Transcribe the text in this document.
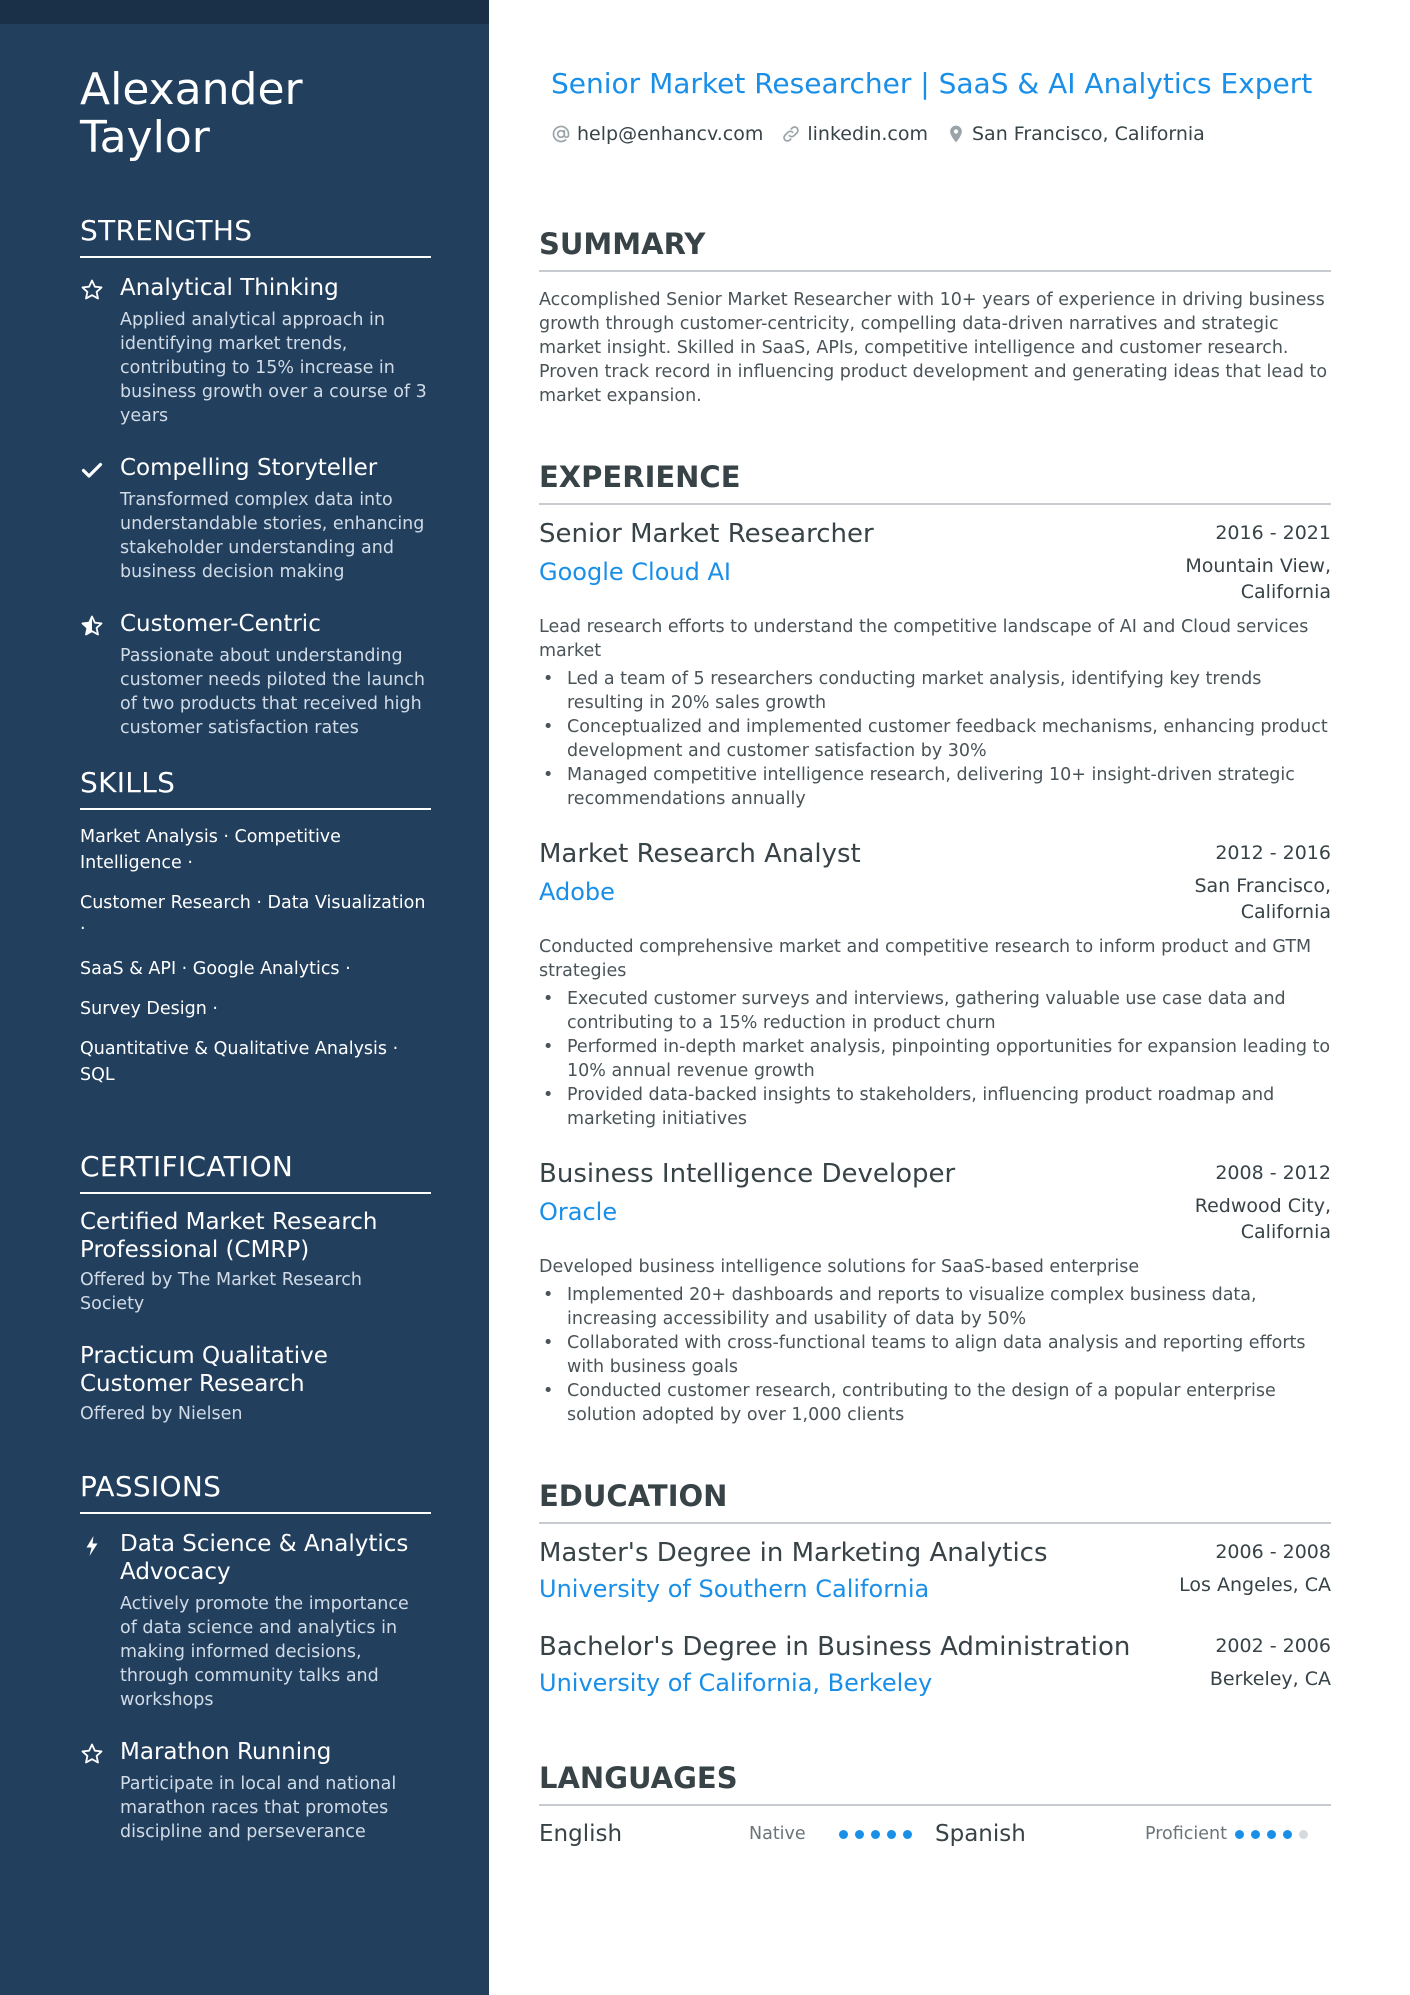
Alexander
Taylor
STRENGTHS
Analytical Thinking
Applied analytical approach in identifying market trends, contributing to 15% increase in business growth over a course of 3 years
Compelling Storyteller
Transformed complex data into understandable stories, enhancing stakeholder understanding and business decision making
Customer-Centric
Passionate about understanding customer needs piloted the launch of two products that received high customer satisfaction rates
SKILLS
Market Analysis · Competitive Intelligence ·
Customer Research · Data Visualization ·
SaaS & API · Google Analytics ·
Survey Design ·
Quantitative & Qualitative Analysis · SQL
CERTIFICATION
Certified Market Research Professional (CMRP)
Offered by The Market Research Society
Practicum Qualitative Customer Research
Offered by Nielsen
PASSIONS
Data Science & Analytics Advocacy
Actively promote the importance of data science and analytics in making informed decisions, through community talks and workshops
Marathon Running
Participate in local and national marathon races that promotes discipline and perseverance
Senior Market Researcher | SaaS & AI Analytics Expert
help@enhancv.com linkedin.com San Francisco, California
SUMMARY

Accomplished Senior Market Researcher with 10+ years of experience in driving business growth through customer-centricity, compelling data-driven narratives and strategic market insight. Skilled in SaaS, APIs, competitive intelligence and customer research. Proven track record in influencing product development and generating ideas that lead to market expansion.

EXPERIENCE
Senior Market Researcher
Google Cloud AI
2016 - 2021
Mountain View, California
Lead research efforts to understand the competitive landscape of AI and Cloud services market
• Led a team of 5 researchers conducting market analysis, identifying key trends resulting in 20% sales growth
• Conceptualized and implemented customer feedback mechanisms, enhancing product development and customer satisfaction by 30%
• Managed competitive intelligence research, delivering 10+ insight-driven strategic recommendations annually
Market Research Analyst
Adobe
2012 - 2016
San Francisco, California
Conducted comprehensive market and competitive research to inform product and GTM strategies
• Executed customer surveys and interviews, gathering valuable use case data and contributing to a 15% reduction in product churn
• Performed in-depth market analysis, pinpointing opportunities for expansion leading to 10% annual revenue growth
• Provided data-backed insights to stakeholders, influencing product roadmap and marketing initiatives
Business Intelligence Developer
Oracle
2008 - 2012
Redwood City, California
Developed business intelligence solutions for SaaS-based enterprise
• Implemented 20+ dashboards and reports to visualize complex business data, increasing accessibility and usability of data by 50%
• Collaborated with cross-functional teams to align data analysis and reporting efforts with business goals
• Conducted customer research, contributing to the design of a popular enterprise solution adopted by over 1,000 clients
EDUCATION
Master's Degree in Marketing Analytics
University of Southern California
2006 - 2008
Los Angeles, CA
Bachelor's Degree in Business Administration
University of California, Berkeley
2002 - 2006
Berkeley, CA
LANGUAGES
English	Native	Spanish	Proficient
